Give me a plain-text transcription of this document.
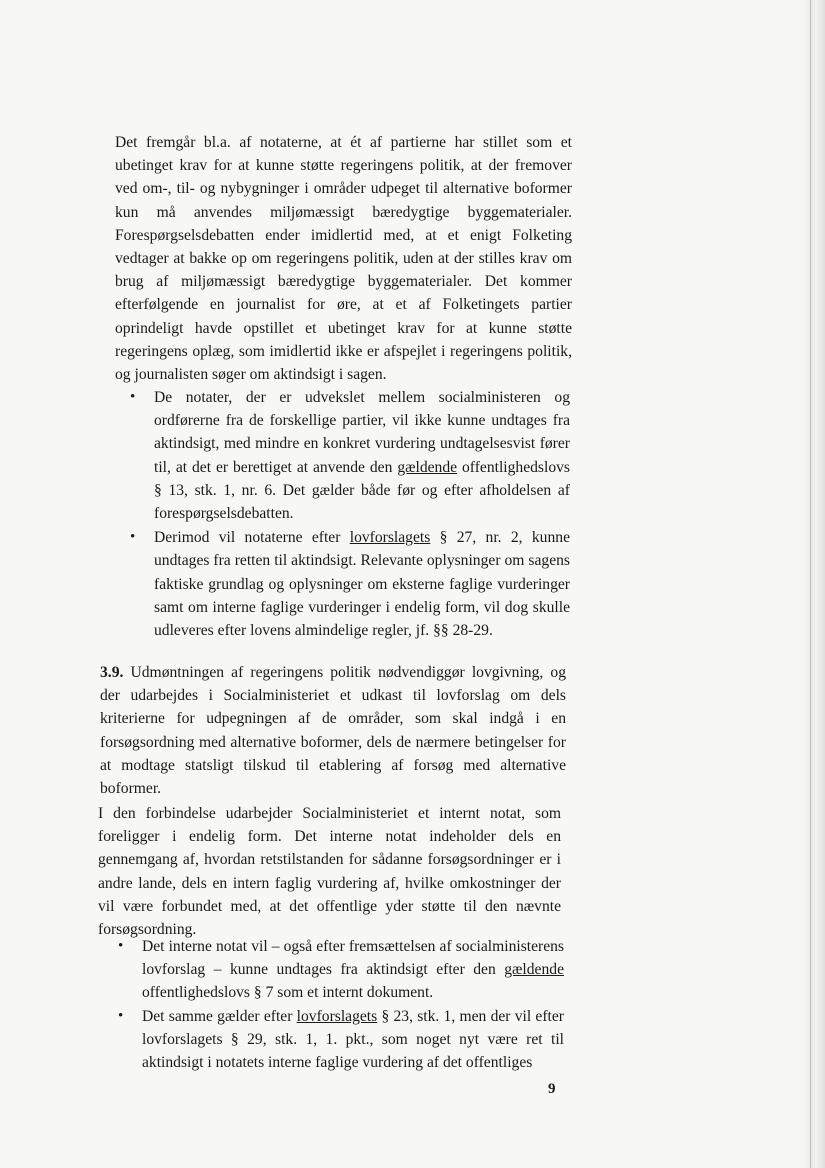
Det fremgår bl.a. af notaterne, at ét af partierne har stillet som et ubetinget krav for at kunne støtte regeringens politik, at der fremover ved om-, til- og nybygninger i områder udpeget til alternative boformer kun må anvendes miljømæssigt bæredygtige byggematerialer. Forespørgselsdebatten ender imidlertid med, at et enigt Folketing vedtager at bakke op om regeringens politik, uden at der stilles krav om brug af miljømæssigt bæredygtige byggematerialer. Det kommer efterfølgende en journalist for øre, at et af Folketingets partier oprindeligt havde opstillet et ubetinget krav for at kunne støtte regeringens oplæg, som imidlertid ikke er afspejlet i regeringens politik, og journalisten søger om aktindsigt i sagen.

• De notater, der er udvekslet mellem socialministeren og ordførerne fra de forskellige partier, vil ikke kunne undtages fra aktindsigt, med mindre en konkret vurdering undtagelsesvist fører til, at det er berettiget at anvende den gældende offentlighedslovs § 13, stk. 1, nr. 6. Det gælder både før og efter afholdelsen af forespørgselsdebatten.
• Derimod vil notaterne efter lovforslagets § 27, nr. 2, kunne undtages fra retten til aktindsigt. Relevante oplysninger om sagens faktiske grundlag og oplysninger om eksterne faglige vurderinger samt om interne faglige vurderinger i endelig form, vil dog skulle udleveres efter lovens almindelige regler, jf. §§ 28-29.

3.9. Udmøntningen af regeringens politik nødvendiggør lovgivning, og der udarbejdes i Socialministeriet et udkast til lovforslag om dels kriterierne for udpegningen af de områder, som skal indgå i en forsøgsordning med alternative boformer, dels de nærmere betingelser for at modtage statsligt tilskud til etablering af forsøg med alternative boformer.

I den forbindelse udarbejder Socialministeriet et internt notat, som foreligger i endelig form. Det interne notat indeholder dels en gennemgang af, hvordan retstilstanden for sådanne forsøgsordninger er i andre lande, dels en intern faglig vurdering af, hvilke omkostninger der vil være forbundet med, at det offentlige yder støtte til den nævnte forsøgsordning.

• Det interne notat vil – også efter fremsættelsen af socialministerens lovforslag – kunne undtages fra aktindsigt efter den gældende offentlighedslovs § 7 som et internt dokument.
• Det samme gælder efter lovforslagets § 23, stk. 1, men der vil efter lovforslagets § 29, stk. 1, 1. pkt., som noget nyt være ret til aktindsigt i notatets interne faglige vurdering af det offentliges
9
